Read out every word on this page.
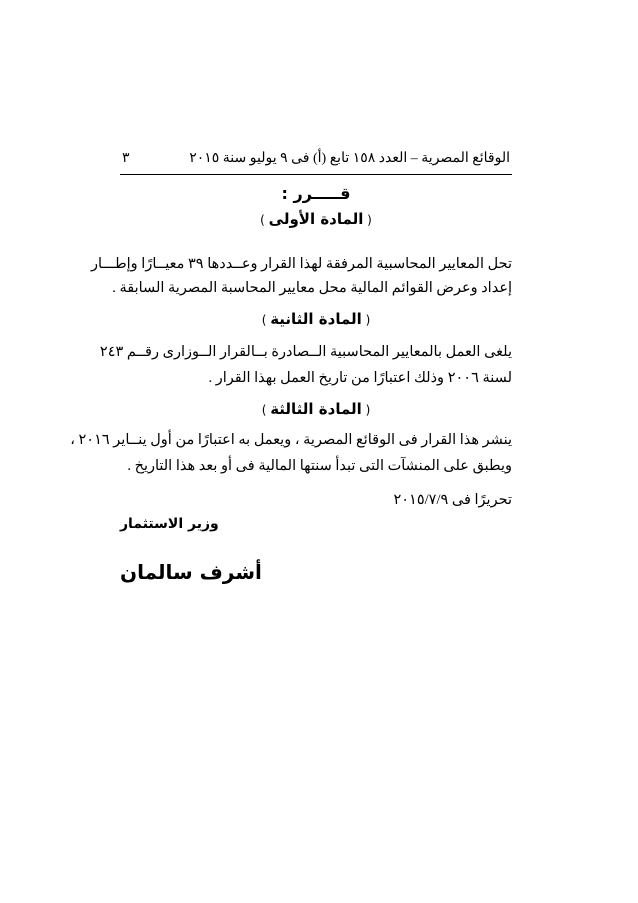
الوقائع المصرية – العدد ١٥٨ تابع (أ) فى ٩ يوليو سنة ٢٠١٥
٣
قـــــرر :
( المادة الأولى )
تحل المعايير المحاسبية المرفقة لهذا القرار وعــددها ٣٩ معيــارًا وإطـــار
إعداد وعرض القوائم المالية محل معايير المحاسبة المصرية السابقة .
( المادة الثانية )
يلغى العمل بالمعايير المحاسبية الــصادرة بــالقرار الــوزارى رقــم ٢٤٣
لسنة ٢٠٠٦ وذلك اعتبارًا من تاريخ العمل بهذا القرار .
( المادة الثالثة )
ينشر هذا القرار فى الوقائع المصرية ، ويعمل به اعتبارًا من أول ينــاير ٢٠١٦ ،
ويطبق على المنشآت التى تبدأ سنتها المالية فى أو بعد هذا التاريخ .
تحريرًا فى ٢٠١٥/٧/٩
وزير الاستثمار
أشرف سالمان
